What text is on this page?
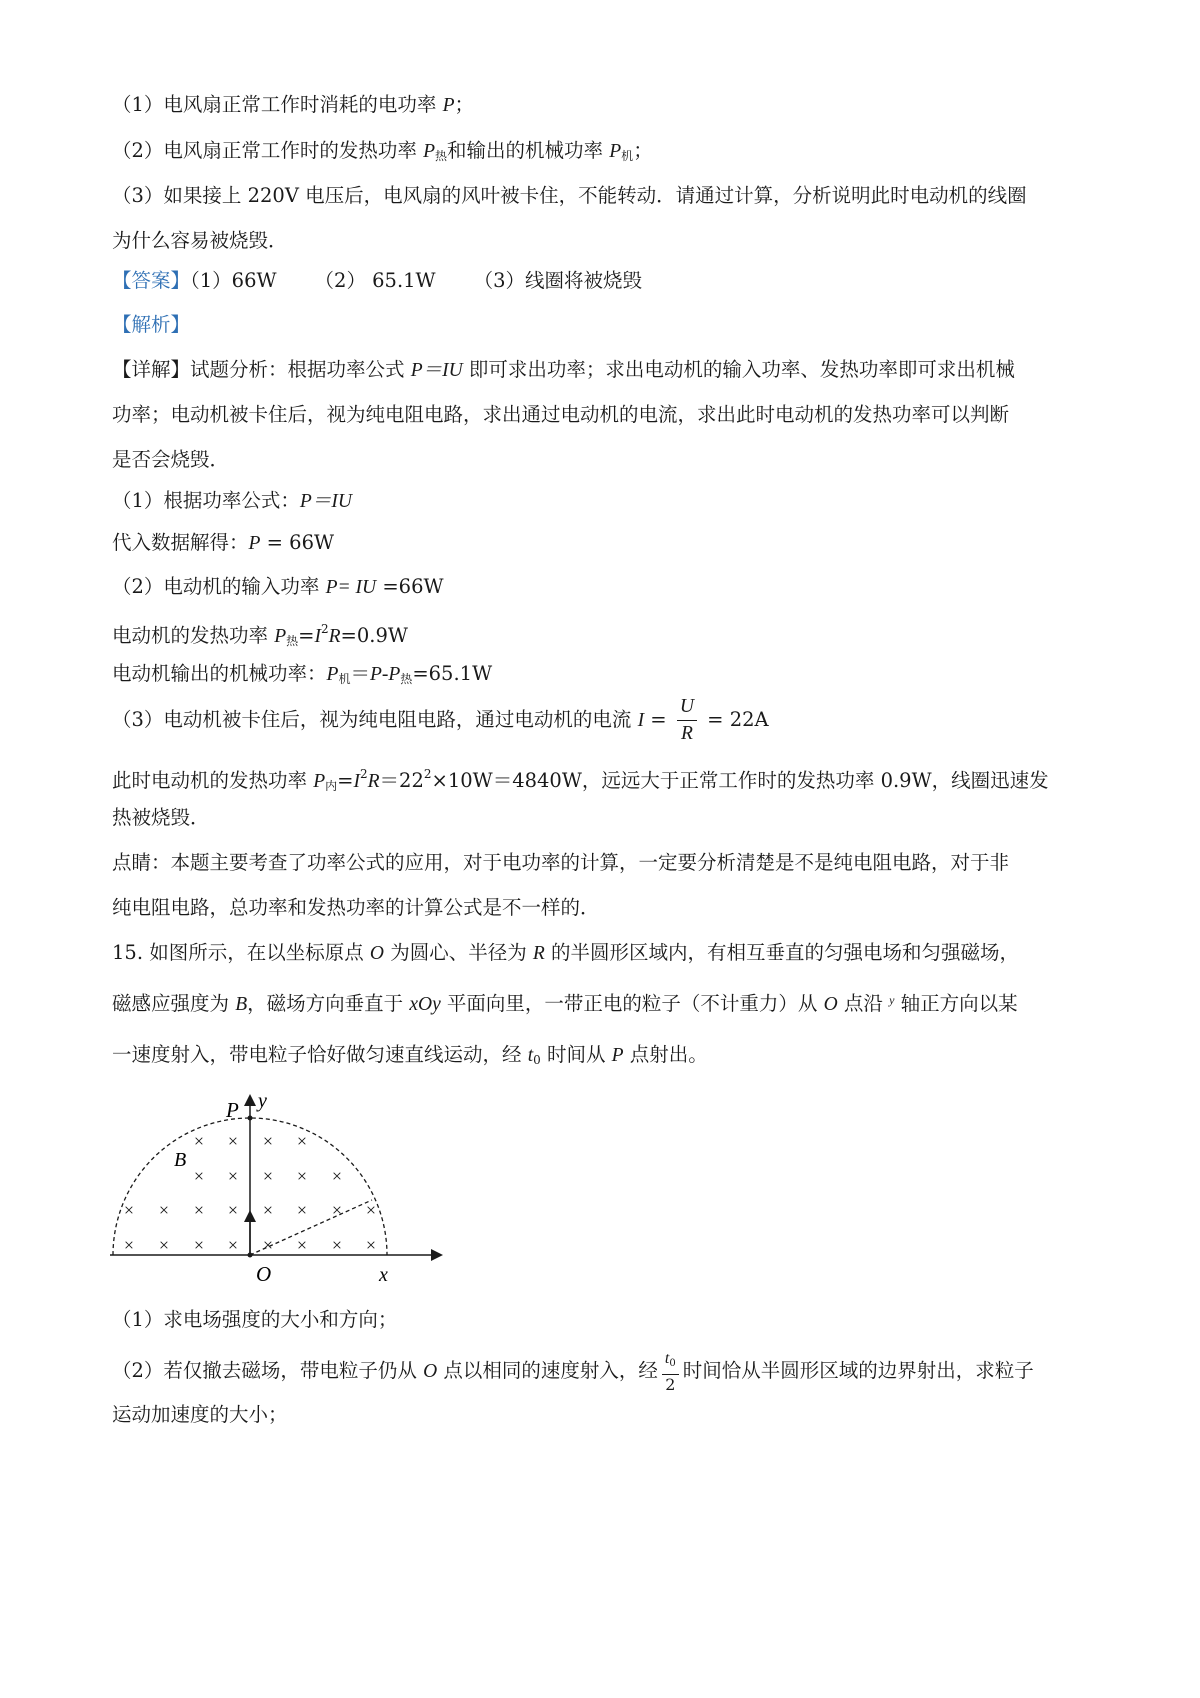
（1）电风扇正常工作时消耗的电功率 P；
（2）电风扇正常工作时的发热功率 $P_热$和输出的机械功率 $P_机$；
（3）如果接上 220V 电压后，电风扇的风叶被卡住，不能转动．请通过计算，分析说明此时电动机的线圈
为什么容易被烧毁．
【答案】（1）66W （2） 65.1W （3）线圈将被烧毁
【解析】
【详解】试题分析：根据功率公式 P＝IU 即可求出功率；求出电动机的输入功率、发热功率即可求出机械
功率；电动机被卡住后，视为纯电阻电路，求出通过电动机的电流，求出此时电动机的发热功率可以判断
是否会烧毁．
（1）根据功率公式：P＝IU
代入数据解得：P = 66W
（2）电动机的输入功率 P= IU =66W
电动机的发热功率 $P_热=I^2R=0.9W$
电动机输出的机械功率：$P_机=P-P_热=65.1W$
（3）电动机被卡住后，视为纯电阻电路，通过电动机的电流 $I = \frac{U}{R} = 22A$
此时电动机的发热功率 $P_内=I^2R=22^2\times 10W=4840W$，远远大于正常工作时的发热功率 0.9W，线圈迅速发
热被烧毁．
点睛：本题主要考查了功率公式的应用，对于电功率的计算，一定要分析清楚是不是纯电阻电路，对于非
纯电阻电路，总功率和发热功率的计算公式是不一样的．
15. 如图所示，在以坐标原点 O 为圆心、半径为 R 的半圆形区域内，有相互垂直的匀强电场和匀强磁场，
磁感应强度为 B，磁场方向垂直于 xOy 平面向里，一带正电的粒子（不计重力）从 O 点沿 $^y$ 轴正方向以某
一速度射入，带电粒子恰好做匀速直线运动，经 $t_0$ 时间从 P 点射出。
× × × ×
× × × × ×
× × × × × × × ×
× × × × × × × ×
P y
B
O	x
（1）求电场强度的大小和方向；
（2）若仅撤去磁场，带电粒子仍从 O 点以相同的速度射入，经 $\frac{t_0}{2}$ 时间恰从半圆形区域的边界射出，求粒子
运动加速度的大小；
